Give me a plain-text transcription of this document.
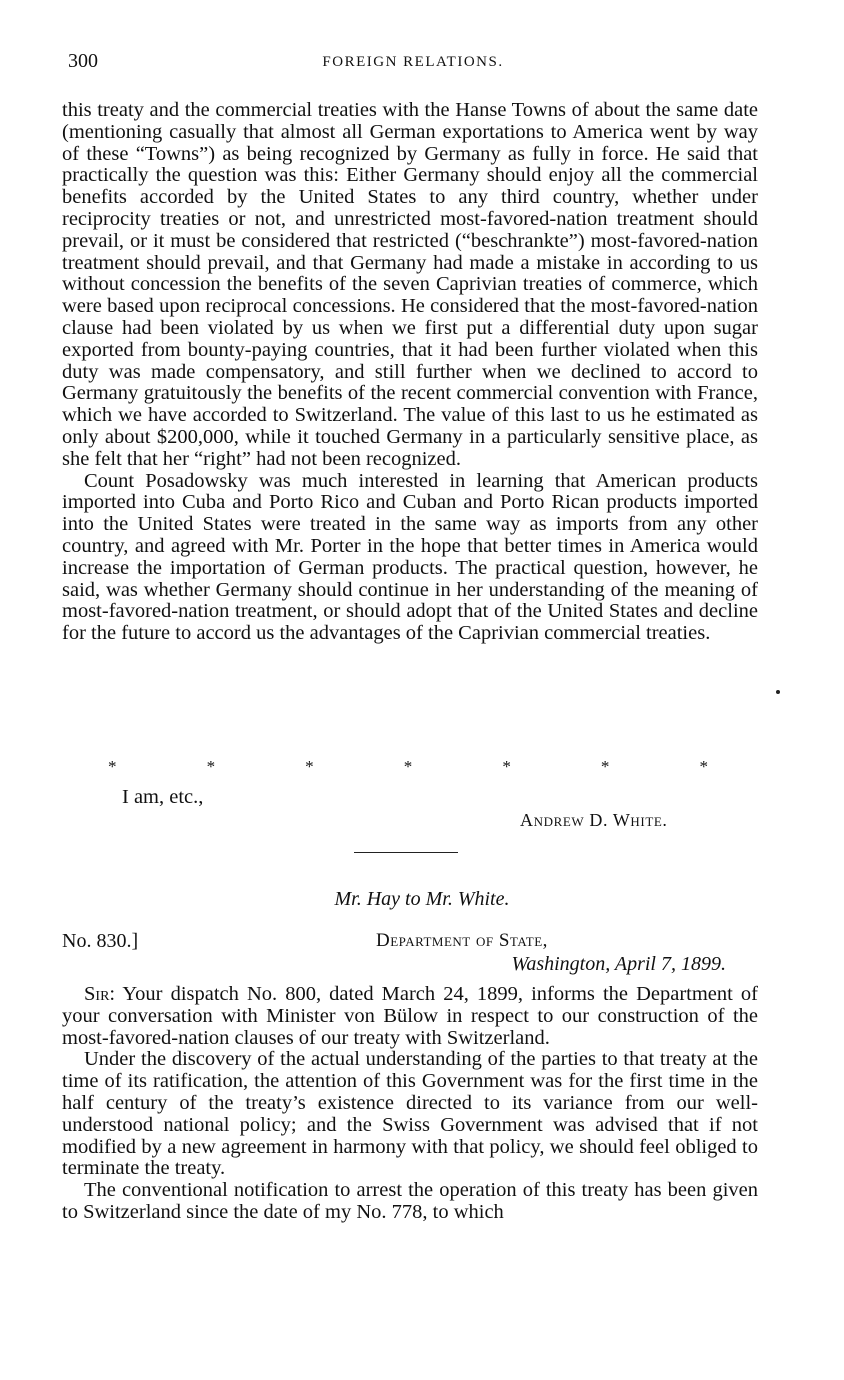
300	FOREIGN RELATIONS.

this treaty and the commercial treaties with the Hanse Towns of about the same date (mentioning casually that almost all German exportations to America went by way of these “Towns”) as being recognized by Germany as fully in force. He said that practically the question was this: Either Germany should enjoy all the commercial benefits accorded by the United States to any third country, whether under reciprocity treaties or not, and unrestricted most-favored-nation treatment should prevail, or it must be considered that restricted (“beschrankte”) most-favored-nation treatment should prevail, and that Germany had made a mistake in according to us without concession the benefits of the seven Caprivian treaties of commerce, which were based upon reciprocal concessions. He considered that the most-favored-nation clause had been violated by us when we first put a differential duty upon sugar exported from bounty-paying countries, that it had been further violated when this duty was made compensatory, and still further when we declined to accord to Germany gratuitously the benefits of the recent commercial convention with France, which we have accorded to Switzerland. The value of this last to us he estimated as only about $200,000, while it touched Germany in a particularly sensitive place, as she felt that her “right” had not been recognized.

Count Posadowsky was much interested in learning that American products imported into Cuba and Porto Rico and Cuban and Porto Rican products imported into the United States were treated in the same way as imports from any other country, and agreed with Mr. Porter in the hope that better times in America would increase the importation of German products. The practical question, however, he said, was whether Germany should continue in her understanding of the meaning of most-favored-nation treatment, or should adopt that of the United States and decline for the future to accord us the advantages of the Caprivian commercial treaties.

*	*	*	*	*	*	*
I am, etc.,
Andrew D. White.
Mr. Hay to Mr. White.
No. 830.]	Department of State,
Washington, April 7, 1899.

Sir: Your dispatch No. 800, dated March 24, 1899, informs the Department of your conversation with Minister von Bülow in respect to our construction of the most-favored-nation clauses of our treaty with Switzerland.

Under the discovery of the actual understanding of the parties to that treaty at the time of its ratification, the attention of this Government was for the first time in the half century of the treaty’s existence directed to its variance from our well-understood national policy; and the Swiss Government was advised that if not modified by a new agreement in harmony with that policy, we should feel obliged to terminate the treaty.

The conventional notification to arrest the operation of this treaty has been given to Switzerland since the date of my No. 778, to which
